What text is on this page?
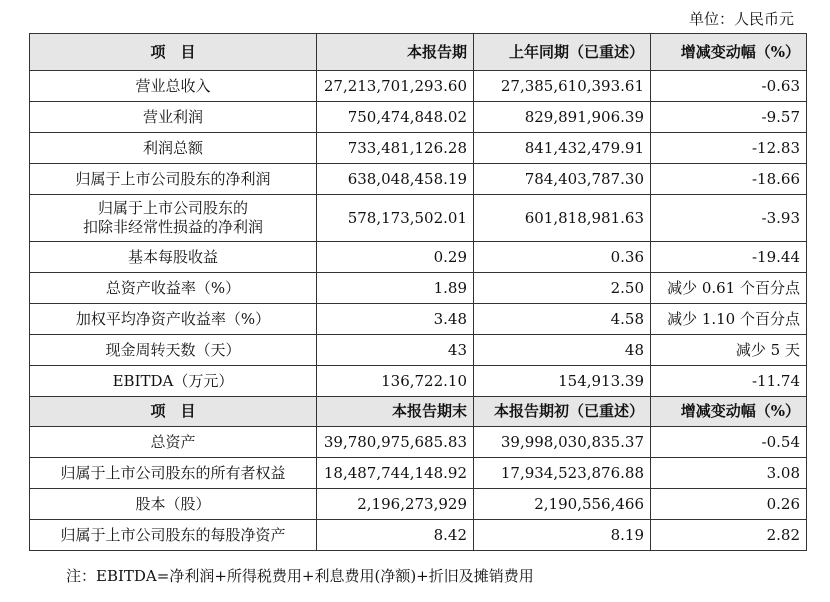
单位：人民币元
项　目	本报告期	上年同期（已重述）	增减变动幅（%）
营业总收入	27,213,701,293.60	27,385,610,393.61	-0.63
营业利润	750,474,848.02	829,891,906.39	-9.57
利润总额	733,481,126.28	841,432,479.91	-12.83
归属于上市公司股东的净利润	638,048,458.19	784,403,787.30	-18.66
归属于上市公司股东的
扣除非经常性损益的净利润	578,173,502.01	601,818,981.63	-3.93
基本每股收益	0.29	0.36	-19.44
总资产收益率（%）	1.89	2.50	减少 0.61 个百分点
加权平均净资产收益率（%）	3.48	4.58	减少 1.10 个百分点
现金周转天数（天）	43	48	减少 5 天
EBITDA（万元）	136,722.10	154,913.39	-11.74
项　目	本报告期末	本报告期初（已重述）	增减变动幅（%）
总资产	39,780,975,685.83	39,998,030,835.37	-0.54
归属于上市公司股东的所有者权益	18,487,744,148.92	17,934,523,876.88	3.08
股本（股）	2,196,273,929	2,190,556,466	0.26
归属于上市公司股东的每股净资产	8.42	8.19	2.82
注：EBITDA=净利润+所得税费用+利息费用(净额)+折旧及摊销费用
